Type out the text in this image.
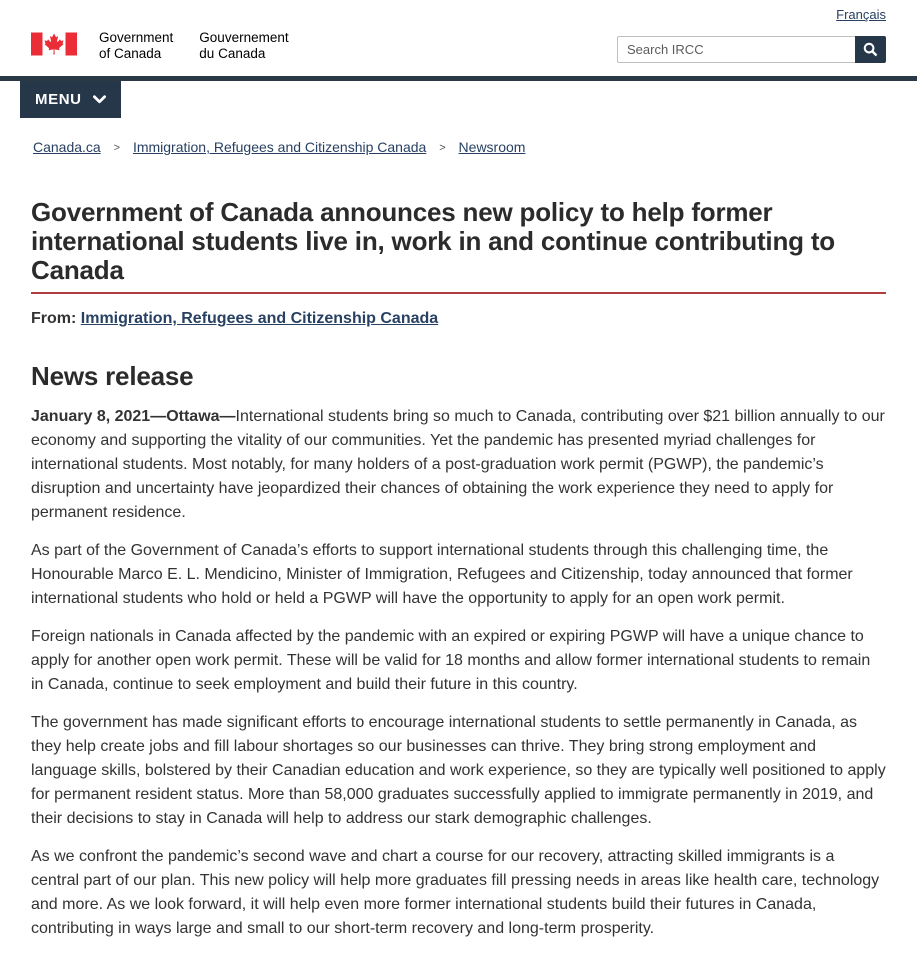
Français
Government
of Canada
Gouvernement
du Canada
Search IRCC
MENU
Canada.ca > Immigration, Refugees and Citizenship Canada > Newsroom
Government of Canada announces new policy to help former international students live in, work in and continue contributing to Canada

From: Immigration, Refugees and Citizenship Canada

News release

January 8, 2021—Ottawa—International students bring so much to Canada, contributing over $21 billion annually to our economy and supporting the vitality of our communities. Yet the pandemic has presented myriad challenges for international students. Most notably, for many holders of a post-graduation work permit (PGWP), the pandemic’s disruption and uncertainty have jeopardized their chances of obtaining the work experience they need to apply for permanent residence.

As part of the Government of Canada’s efforts to support international students through this challenging time, the Honourable Marco E. L. Mendicino, Minister of Immigration, Refugees and Citizenship, today announced that former international students who hold or held a PGWP will have the opportunity to apply for an open work permit.

Foreign nationals in Canada affected by the pandemic with an expired or expiring PGWP will have a unique chance to apply for another open work permit. These will be valid for 18 months and allow former international students to remain in Canada, continue to seek employment and build their future in this country.

The government has made significant efforts to encourage international students to settle permanently in Canada, as they help create jobs and fill labour shortages so our businesses can thrive. They bring strong employment and language skills, bolstered by their Canadian education and work experience, so they are typically well positioned to apply for permanent resident status. More than 58,000 graduates successfully applied to immigrate permanently in 2019, and their decisions to stay in Canada will help to address our stark demographic challenges.

As we confront the pandemic’s second wave and chart a course for our recovery, attracting skilled immigrants is a central part of our plan. This new policy will help more graduates fill pressing needs in areas like health care, technology and more. As we look forward, it will help even more former international students build their futures in Canada, contributing in ways large and small to our short-term recovery and long-term prosperity.
